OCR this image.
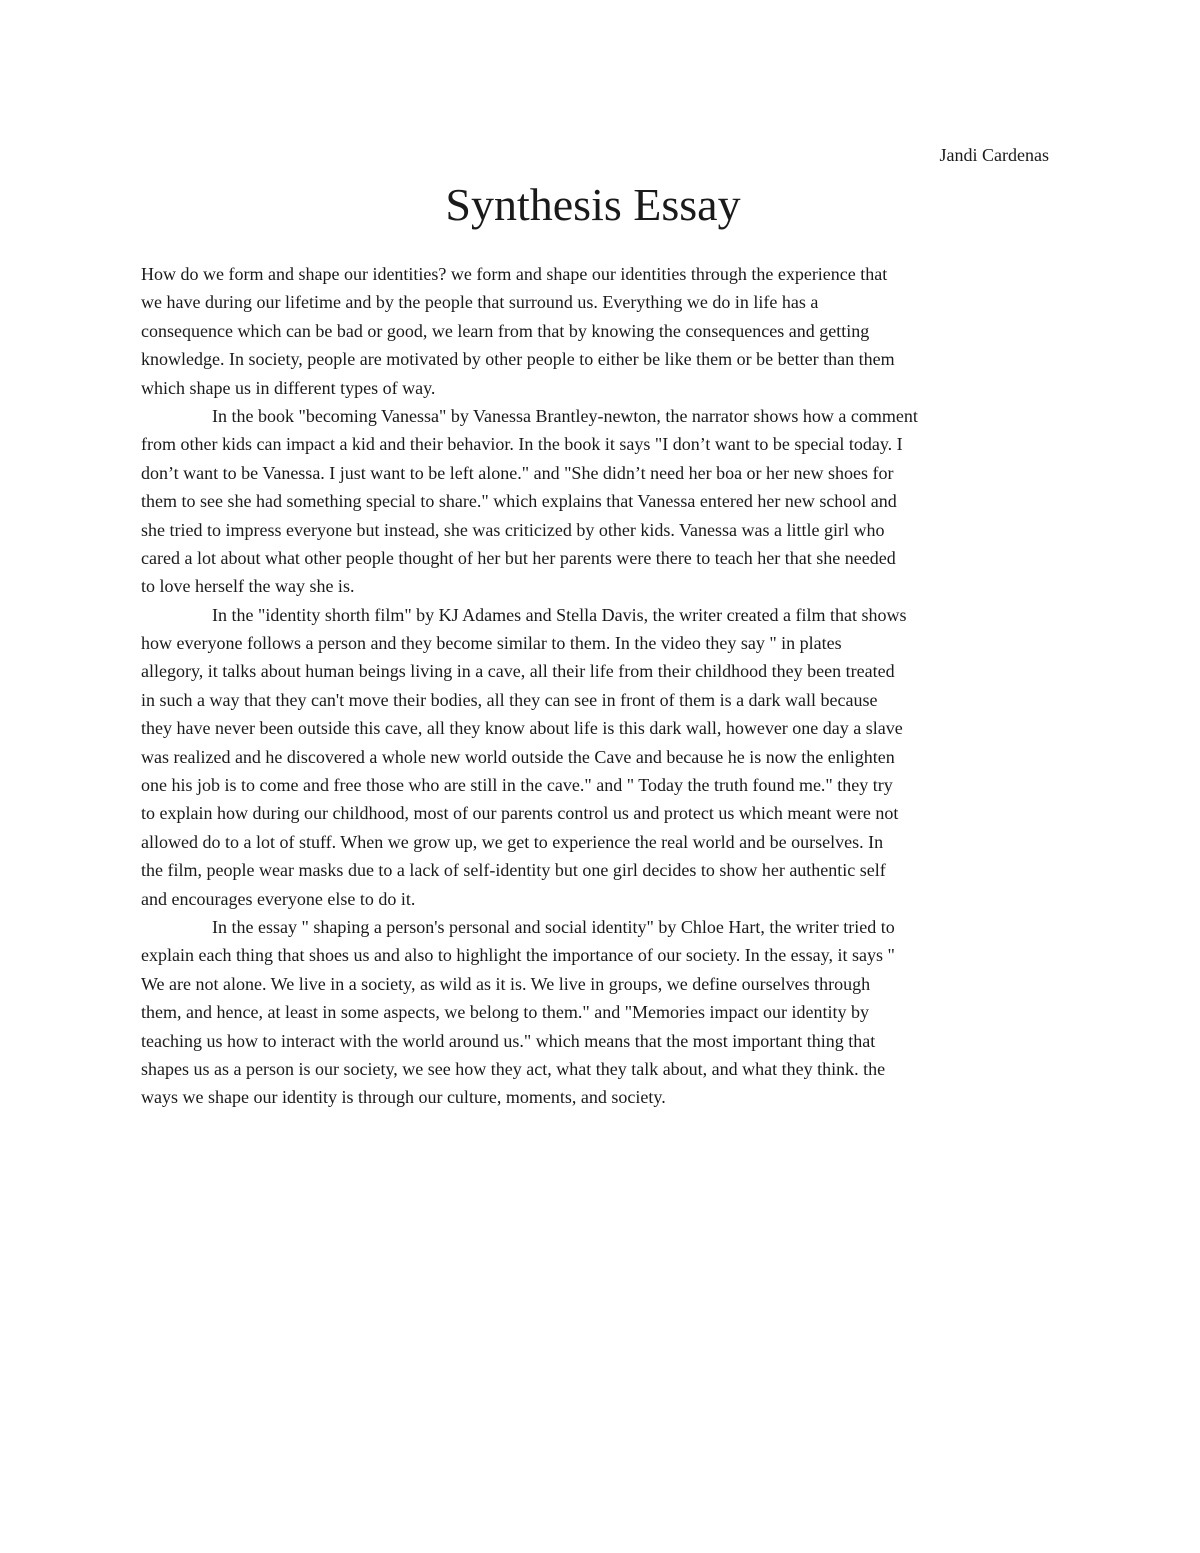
Jandi Cardenas
Synthesis Essay
How do we form and shape our identities? we form and shape our identities through the experience that
we have during our lifetime and by the people that surround us. Everything we do in life has a
consequence which can be bad or good, we learn from that by knowing the consequences and getting
knowledge. In society, people are motivated by other people to either be like them or be better than them
which shape us in different types of way.
In the book "becoming Vanessa" by Vanessa Brantley-newton, the narrator shows how a comment
from other kids can impact a kid and their behavior. In the book it says "I don’t want to be special today. I
don’t want to be Vanessa. I just want to be left alone." and "She didn’t need her boa or her new shoes for
them to see she had something special to share." which explains that Vanessa entered her new school and
she tried to impress everyone but instead, she was criticized by other kids. Vanessa was a little girl who
cared a lot about what other people thought of her but her parents were there to teach her that she needed
to love herself the way she is.
In the "identity shorth film" by KJ Adames and Stella Davis, the writer created a film that shows
how everyone follows a person and they become similar to them. In the video they say " in plates
allegory, it talks about human beings living in a cave, all their life from their childhood they been treated
in such a way that they can't move their bodies, all they can see in front of them is a dark wall because
they have never been outside this cave, all they know about life is this dark wall, however one day a slave
was realized and he discovered a whole new world outside the Cave and because he is now the enlighten
one his job is to come and free those who are still in the cave." and " Today the truth found me." they try
to explain how during our childhood, most of our parents control us and protect us which meant were not
allowed do to a lot of stuff. When we grow up, we get to experience the real world and be ourselves. In
the film, people wear masks due to a lack of self-identity but one girl decides to show her authentic self
and encourages everyone else to do it.
In the essay " shaping a person's personal and social identity" by Chloe Hart, the writer tried to
explain each thing that shoes us and also to highlight the importance of our society. In the essay, it says "
We are not alone. We live in a society, as wild as it is. We live in groups, we define ourselves through
them, and hence, at least in some aspects, we belong to them." and "Memories impact our identity by
teaching us how to interact with the world around us." which means that the most important thing that
shapes us as a person is our society, we see how they act, what they talk about, and what they think. the
ways we shape our identity is through our culture, moments, and society.
